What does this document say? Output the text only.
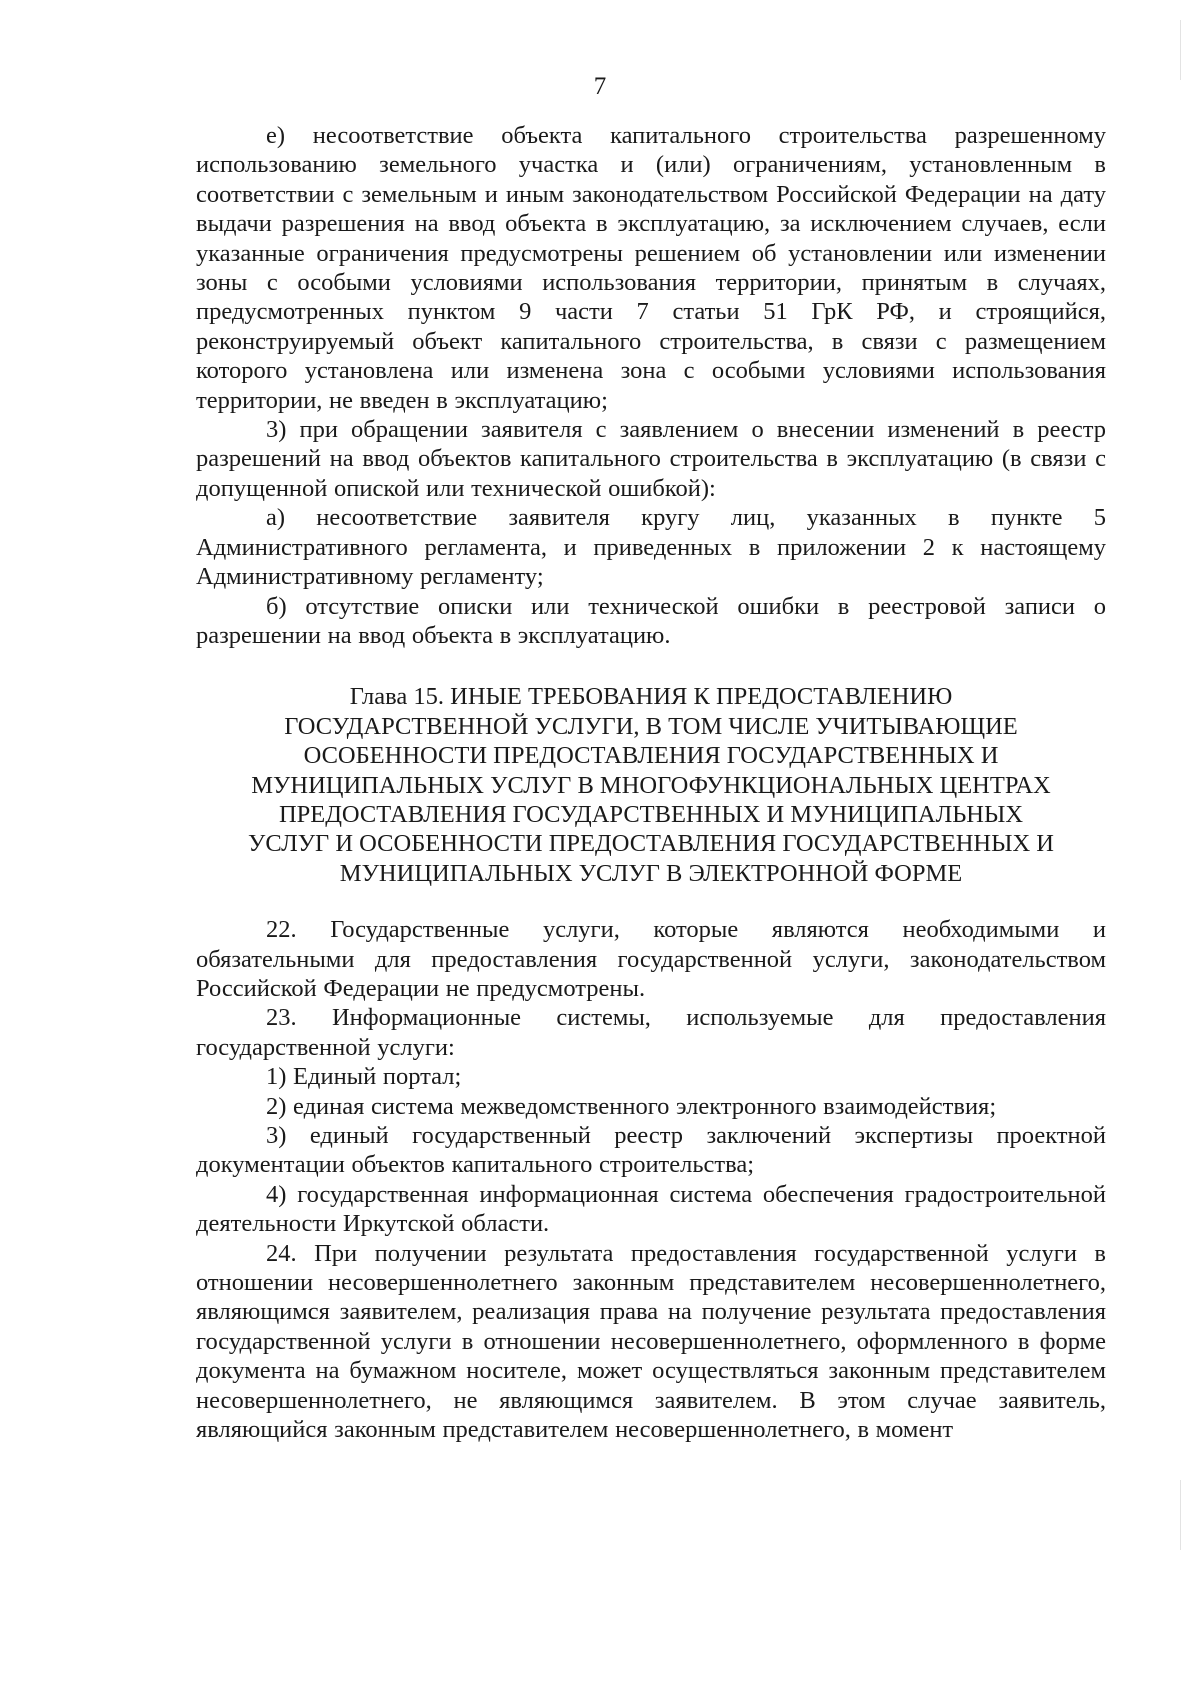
7

е) несоответствие объекта капитального строительства разрешенному использованию земельного участка и (или) ограничениям, установленным в соответствии с земельным и иным законодательством Российской Федерации на дату выдачи разрешения на ввод объекта в эксплуатацию, за исключением случаев, если указанные ограничения предусмотрены решением об установлении или изменении зоны с особыми условиями использования территории, принятым в случаях, предусмотренных пунктом 9 части 7 статьи 51 ГрК РФ, и строящийся, реконструируемый объект капитального строительства, в связи с размещением которого установлена или изменена зона с особыми условиями использования территории, не введен в эксплуатацию;

3) при обращении заявителя с заявлением о внесении изменений в реестр разрешений на ввод объектов капитального строительства в эксплуатацию (в связи с допущенной опиской или технической ошибкой):

а) несоответствие заявителя кругу лиц, указанных в пункте 5 Административного регламента, и приведенных в приложении 2 к настоящему Административному регламенту;

б) отсутствие описки или технической ошибки в реестровой записи о разрешении на ввод объекта в эксплуатацию.

Глава 15. ИНЫЕ ТРЕБОВАНИЯ К ПРЕДОСТАВЛЕНИЮ
ГОСУДАРСТВЕННОЙ УСЛУГИ, В ТОМ ЧИСЛЕ УЧИТЫВАЮЩИЕ
ОСОБЕННОСТИ ПРЕДОСТАВЛЕНИЯ ГОСУДАРСТВЕННЫХ И
МУНИЦИПАЛЬНЫХ УСЛУГ В МНОГОФУНКЦИОНАЛЬНЫХ ЦЕНТРАХ
ПРЕДОСТАВЛЕНИЯ ГОСУДАРСТВЕННЫХ И МУНИЦИПАЛЬНЫХ
УСЛУГ И ОСОБЕННОСТИ ПРЕДОСТАВЛЕНИЯ ГОСУДАРСТВЕННЫХ И
МУНИЦИПАЛЬНЫХ УСЛУГ В ЭЛЕКТРОННОЙ ФОРМЕ

22. Государственные услуги, которые являются необходимыми и обязательными для предоставления государственной услуги, законодательством Российской Федерации не предусмотрены.

23. Информационные системы, используемые для предоставления государственной услуги:

1) Единый портал;

2) единая система межведомственного электронного взаимодействия;

3) единый государственный реестр заключений экспертизы проектной документации объектов капитального строительства;

4) государственная информационная система обеспечения градостроительной деятельности Иркутской области.

24. При получении результата предоставления государственной услуги в отношении несовершеннолетнего законным представителем несовершеннолетнего, являющимся заявителем, реализация права на получение результата предоставления государственной услуги в отношении несовершеннолетнего, оформленного в форме документа на бумажном носителе, может осуществляться законным представителем несовершеннолетнего, не являющимся заявителем. В этом случае заявитель, являющийся законным представителем несовершеннолетнего, в момент
